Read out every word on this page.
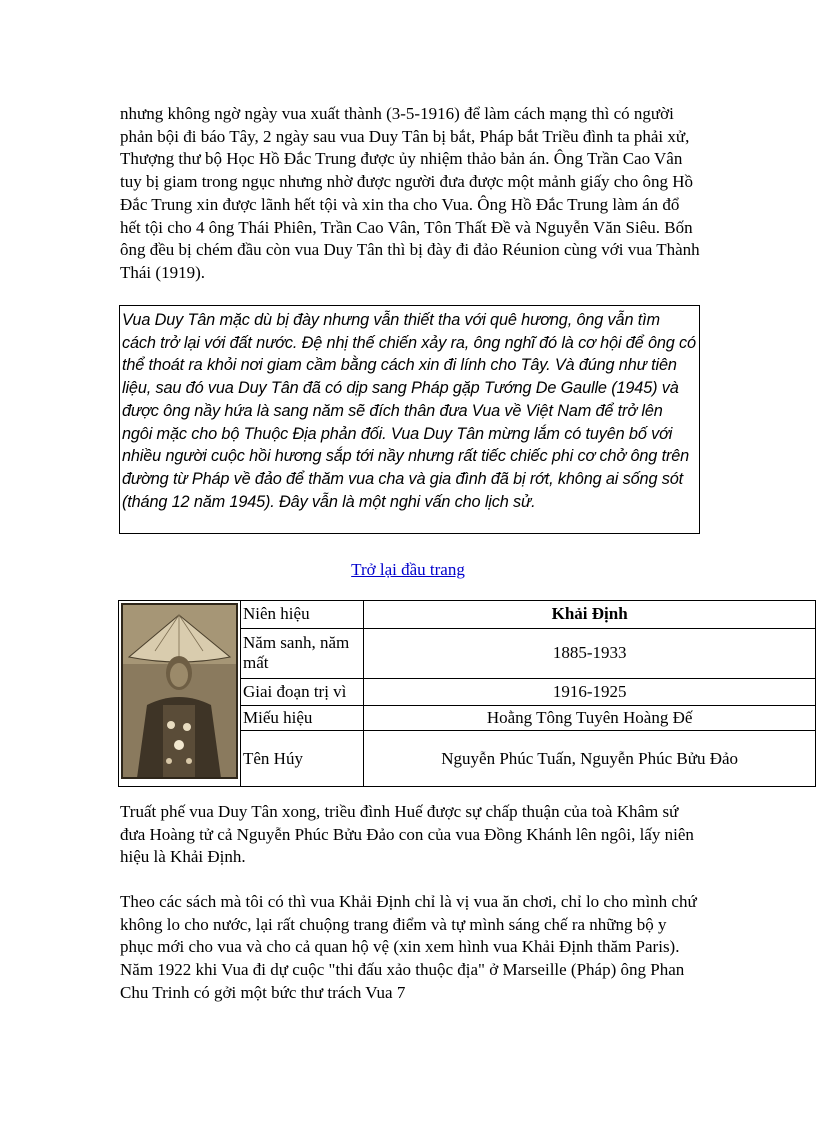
nhưng không ngờ ngày vua xuất thành (3-5-1916) để làm cách mạng thì có người phản bội đi báo Tây, 2 ngày sau vua Duy Tân bị bắt, Pháp bắt Triều đình ta phải xử, Thượng thư bộ Học Hồ Đắc Trung được ủy nhiệm thảo bản án. Ông Trần Cao Vân tuy bị giam trong ngục nhưng nhờ được người đưa được một mảnh giấy cho ông Hồ Đắc Trung xin được lãnh hết tội và xin tha cho Vua. Ông Hồ Đắc Trung làm án đổ hết tội cho 4 ông Thái Phiên, Trần Cao Vân, Tôn Thất Đề và Nguyễn Văn Siêu. Bốn ông đều bị chém đầu còn vua Duy Tân thì bị đày đi đảo Réunion cùng với vua Thành Thái (1919).

Vua Duy Tân mặc dù bị đày nhưng vẫn thiết tha với quê hương, ông vẫn tìm cách trở lại với đất nước. Đệ nhị thế chiến xảy ra, ông nghĩ đó là cơ hội để ông có thể thoát ra khỏi nơi giam cầm bằng cách xin đi lính cho Tây. Và đúng như tiên liệu, sau đó vua Duy Tân đã có dịp sang Pháp gặp Tướng De Gaulle (1945) và được ông nầy hứa là sang năm sẽ đích thân đưa Vua về Việt Nam để trở lên ngôi mặc cho bộ Thuộc Địa phản đối. Vua Duy Tân mừng lắm có tuyên bố với nhiều người cuộc hồi hương sắp tới nầy nhưng rất tiếc chiếc phi cơ chở ông trên đường từ Pháp về đảo để thăm vua cha và gia đình đã bị rớt, không ai sống sót (tháng 12 năm 1945). Đây vẫn là một nghi vấn cho lịch sử.

Trở lại đầu trang
	Niên hiệu	Khải Định
	Năm sanh, năm mất	1885-1933
	Giai đoạn trị vì	1916-1925
	Miếu hiệu	Hoằng Tông Tuyên Hoàng Đế
	Tên Húy	Nguyễn Phúc Tuấn, Nguyễn Phúc Bửu Đảo

Truất phế vua Duy Tân xong, triều đình Huế được sự chấp thuận của toà Khâm sứ đưa Hoàng tử cả Nguyễn Phúc Bửu Đảo con của vua Đồng Khánh lên ngôi, lấy niên hiệu là Khải Định.

Theo các sách mà tôi có thì vua Khải Định chỉ là vị vua ăn chơi, chỉ lo cho mình chứ không lo cho nước, lại rất chuộng trang điểm và tự mình sáng chế ra những bộ y phục mới cho vua và cho cả quan hộ vệ (xin xem hình vua Khải Định thăm Paris). Năm 1922 khi Vua đi dự cuộc "thi đấu xảo thuộc địa" ở Marseille (Pháp) ông Phan Chu Trinh có gởi một bức thư trách Vua 7
